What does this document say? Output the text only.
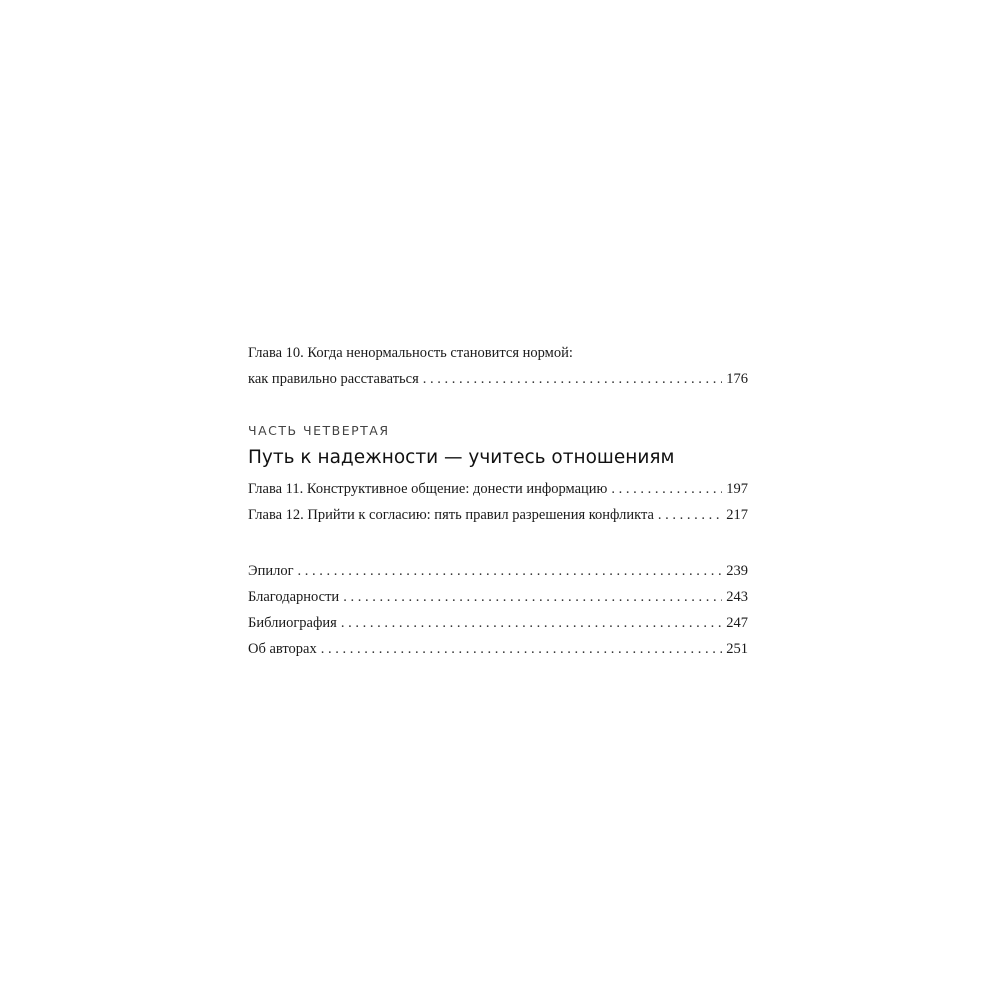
Глава 10. Когда ненормальность становится нормой:
как правильно расставаться . . .	176
ЧАСТЬ ЧЕТВЕРТАЯ
Путь к надежности — учитесь отношениям
Глава 11. Конструктивное общение: донести информацию . . .	197
Глава 12. Прийти к согласию: пять правил разрешения конфликта . . .	217
Эпилог . . .	239
Благодарности . . .	243
Библиография . . .	247
Об авторах . . .	251
